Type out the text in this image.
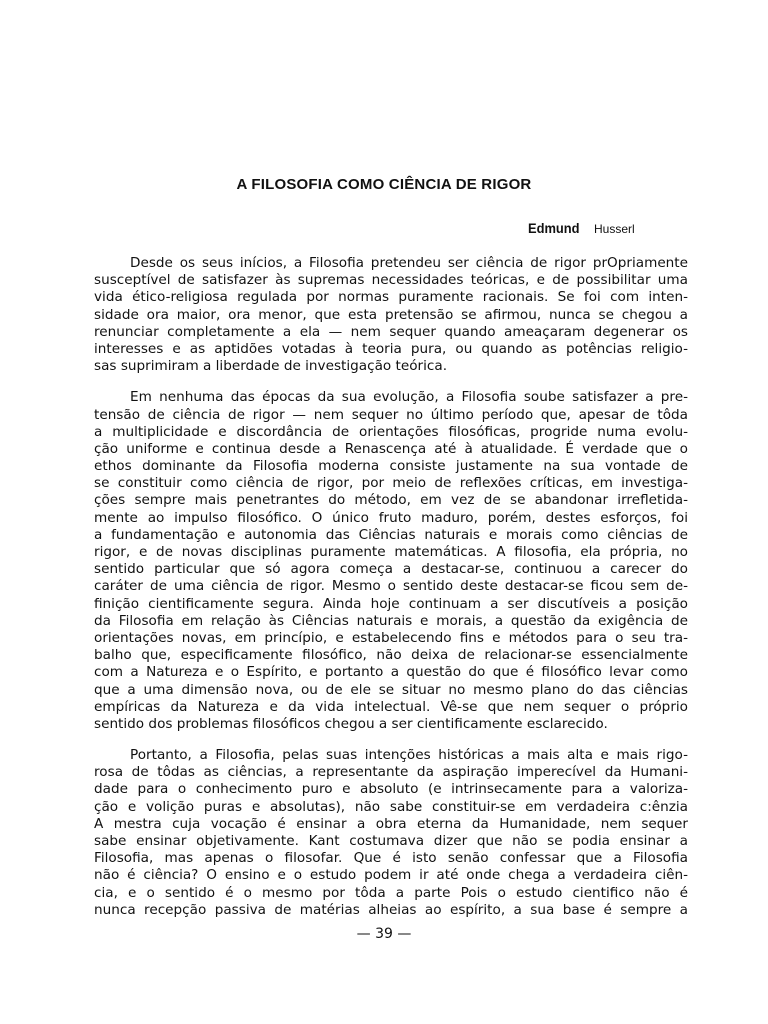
A FILOSOFIA COMO CIÊNCIA DE RIGOR
Edmund Husserl

Desde os seus inícios, a Filosofia pretendeu ser ciência de rigor prOpriamente
susceptível de satisfazer às supremas necessidades teóricas, e de possibilitar uma
vida ético-religiosa regulada por normas puramente racionais. Se foi com inten-
sidade ora maior, ora menor, que esta pretensão se afirmou, nunca se chegou a
renunciar completamente a ela — nem sequer quando ameaçaram degenerar os
interesses e as aptidões votadas à teoria pura, ou quando as potências religio-
sas suprimiram a liberdade de investigação teórica.

Em nenhuma das épocas da sua evolução, a Filosofia soube satisfazer a pre-
tensão de ciência de rigor — nem sequer no último período que, apesar de tôda
a multiplicidade e discordância de orientações filosóficas, progride numa evolu-
ção uniforme e continua desde a Renascença até à atualidade. É verdade que o
ethos dominante da Filosofia moderna consiste justamente na sua vontade de
se constituir como ciência de rigor, por meio de reflexões críticas, em investiga-
ções sempre mais penetrantes do método, em vez de se abandonar irrefletida-
mente ao impulso filosófico. O único fruto maduro, porém, destes esforços, foi
a fundamentação e autonomia das Ciências naturais e morais como ciências de
rigor, e de novas disciplinas puramente matemáticas. A filosofia, ela própria, no
sentido particular que só agora começa a destacar-se, continuou a carecer do
caráter de uma ciência de rigor. Mesmo o sentido deste destacar-se ficou sem de-
finição cientificamente segura. Ainda hoje continuam a ser discutíveis a posição
da Filosofia em relação às Ciências naturais e morais, a questão da exigência de
orientações novas, em princípio, e estabelecendo fins e métodos para o seu tra-
balho que, especificamente filosófico, não deixa de relacionar-se essencialmente
com a Natureza e o Espírito, e portanto a questão do que é filosófico levar como
que a uma dimensão nova, ou de ele se situar no mesmo plano do das ciências
empíricas da Natureza e da vida intelectual. Vê-se que nem sequer o próprio
sentido dos problemas filosóficos chegou a ser cientificamente esclarecido.

Portanto, a Filosofia, pelas suas intenções históricas a mais alta e mais rigo-
rosa de tôdas as ciências, a representante da aspiração imperecível da Humani-
dade para o conhecimento puro e absoluto (e intrinsecamente para a valoriza-
ção e volição puras e absolutas), não sabe constituir-se em verdadeira c:ênzia
A mestra cuja vocação é ensinar a obra eterna da Humanidade, nem sequer
sabe ensinar objetivamente. Kant costumava dizer que não se podia ensinar a
Filosofia, mas apenas o filosofar. Que é isto senão confessar que a Filosofia
não é ciência? O ensino e o estudo podem ir até onde chega a verdadeira ciên-
cia, e o sentido é o mesmo por tôda a parte Pois o estudo cientifico não é
nunca recepção passiva de matérias alheias ao espírito, a sua base é sempre a

— 39 —
